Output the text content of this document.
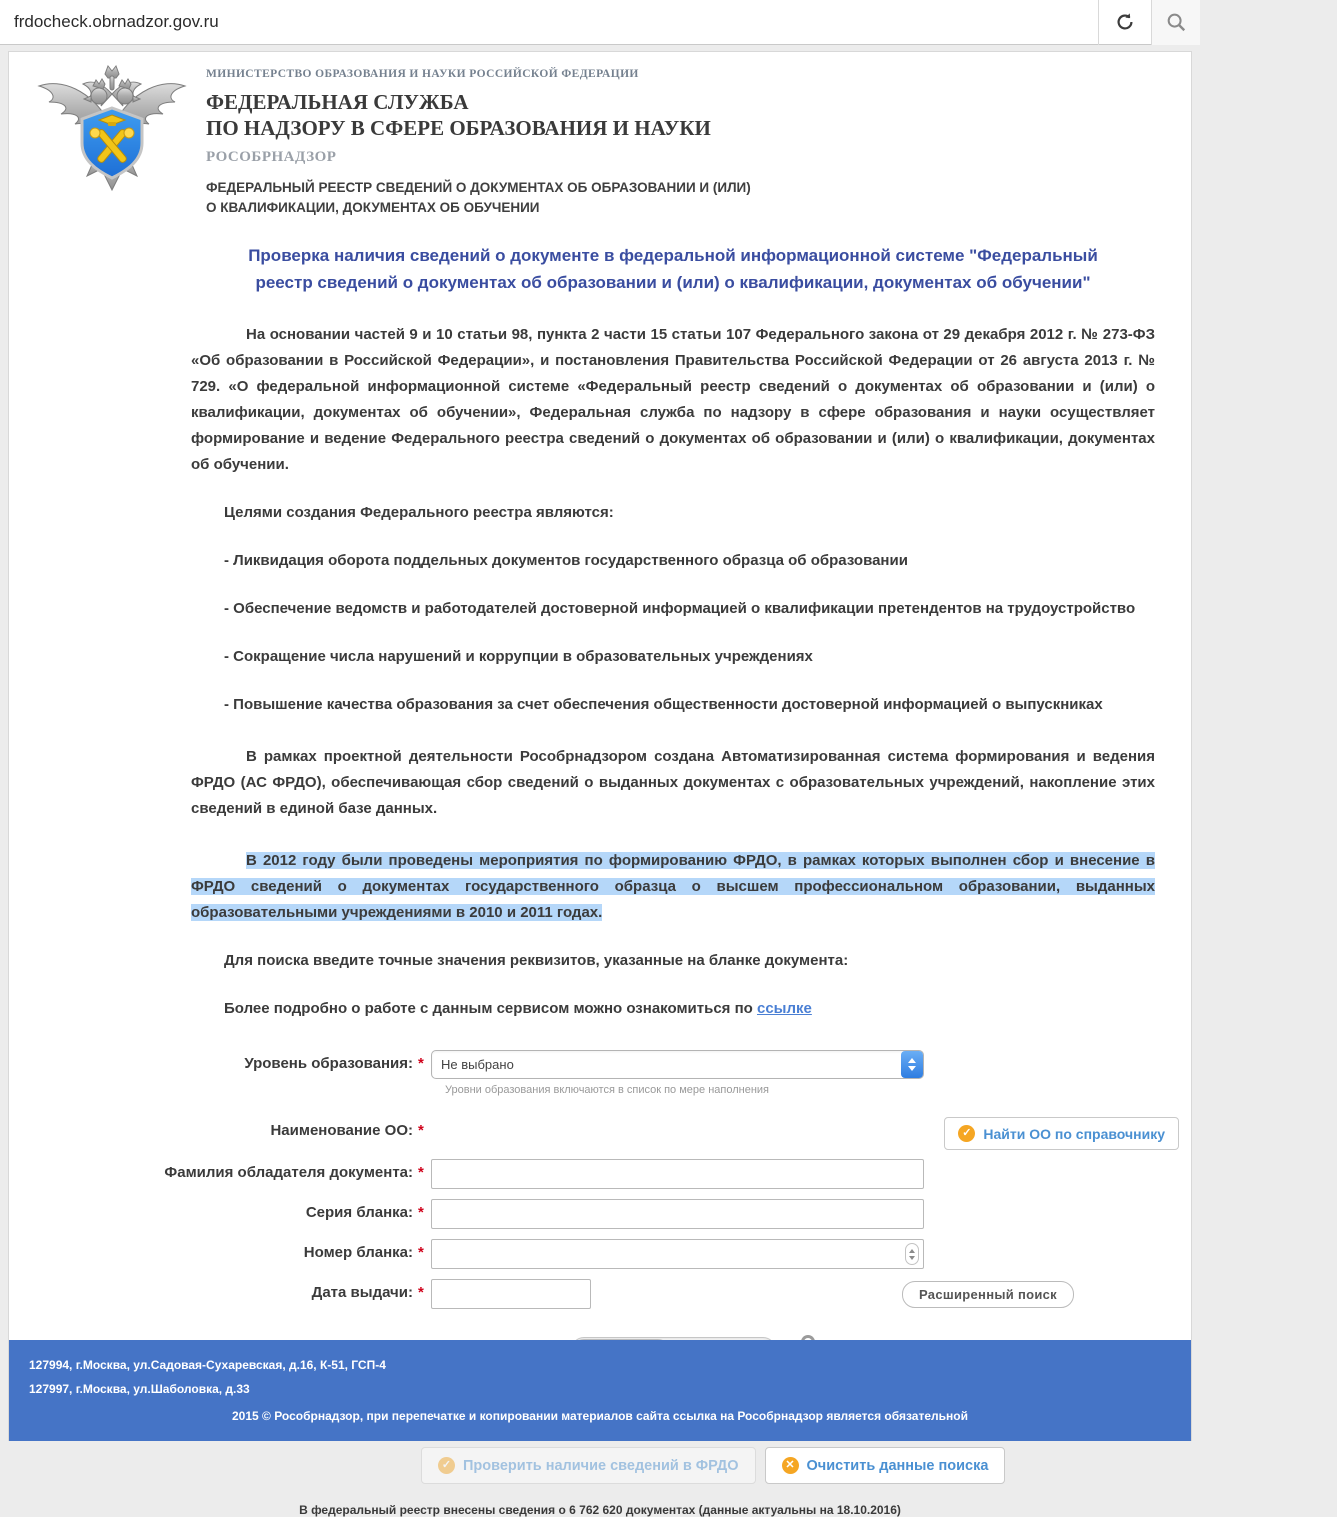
frdocheck.obrnadzor.gov.ru
МИНИСТЕРСТВО ОБРАЗОВАНИЯ И НАУКИ РОССИЙСКОЙ ФЕДЕРАЦИИ
ФЕДЕРАЛЬНАЯ СЛУЖБА
ПО НАДЗОРУ В СФЕРЕ ОБРАЗОВАНИЯ И НАУКИ
РОСОБРНАДЗОР
ФЕДЕРАЛЬНЫЙ РЕЕСТР СВЕДЕНИЙ О ДОКУМЕНТАХ ОБ ОБРАЗОВАНИИ И (ИЛИ)
О КВАЛИФИКАЦИИ, ДОКУМЕНТАХ ОБ ОБУЧЕНИИ
Проверка наличия сведений о документе в федеральной информационной системе "Федеральный реестр сведений о документах об образовании и (или) о квалификации, документах об обучении"
На основании частей 9 и 10 статьи 98, пункта 2 части 15 статьи 107 Федерального закона от 29 декабря 2012 г. № 273-ФЗ «Об образовании в Российской Федерации», и постановления Правительства Российской Федерации от 26 августа 2013 г. № 729. «О федеральной информационной системе «Федеральный реестр сведений о документах об образовании и (или) о квалификации, документах об обучении», Федеральная служба по надзору в сфере образования и науки осуществляет формирование и ведение Федерального реестра сведений о документах об образовании и (или) о квалификации, документах об обучении.
Целями создания Федерального реестра являются:
- Ликвидация оборота поддельных документов государственного образца об образовании
- Обеспечение ведомств и работодателей достоверной информацией о квалификации претендентов на трудоустройство
- Сокращение числа нарушений и коррупции в образовательных учреждениях
- Повышение качества образования за счет обеспечения общественности достоверной информацией о выпускниках
В рамках проектной деятельности Рособрнадзором создана Автоматизированная система формирования и ведения ФРДО (АС ФРДО), обеспечивающая сбор сведений о выданных документах с образовательных учреждений, накопление этих сведений в единой базе данных.
В 2012 году были проведены мероприятия по формированию ФРДО, в рамках которых выполнен сбор и внесение в ФРДО сведений о документах государственного образца о высшем профессиональном образовании, выданных образовательными учреждениями в 2010 и 2011 годах.
Для поиска введите точные значения реквизитов, указанные на бланке документа:
Более подробно о работе с данным сервисом можно ознакомиться по ссылке
Уровень образования: *	Не выбрано
Уровни образования включаются в список по мере наполнения
Наименование ОО: *	✓ Найти ОО по справочнику
Фамилия обладателя документа: *
Серия бланка: *
Номер бланка: *
Дата выдачи: *	Расширенный поиск
✓ Проверить наличие сведений в ФРДО	✕ Очистить данные поиска
В федеральный реестр внесены сведения о 6 762 620 документах (данные актуальны на 18.10.2016)
127994, г.Москва, ул.Садовая-Сухаревская, д.16, К-51, ГСП-4
127997, г.Москва, ул.Шаболовка, д.33
2015 © Рособрнадзор, при перепечатке и копировании материалов сайта ссылка на Рособрнадзор является обязательной
